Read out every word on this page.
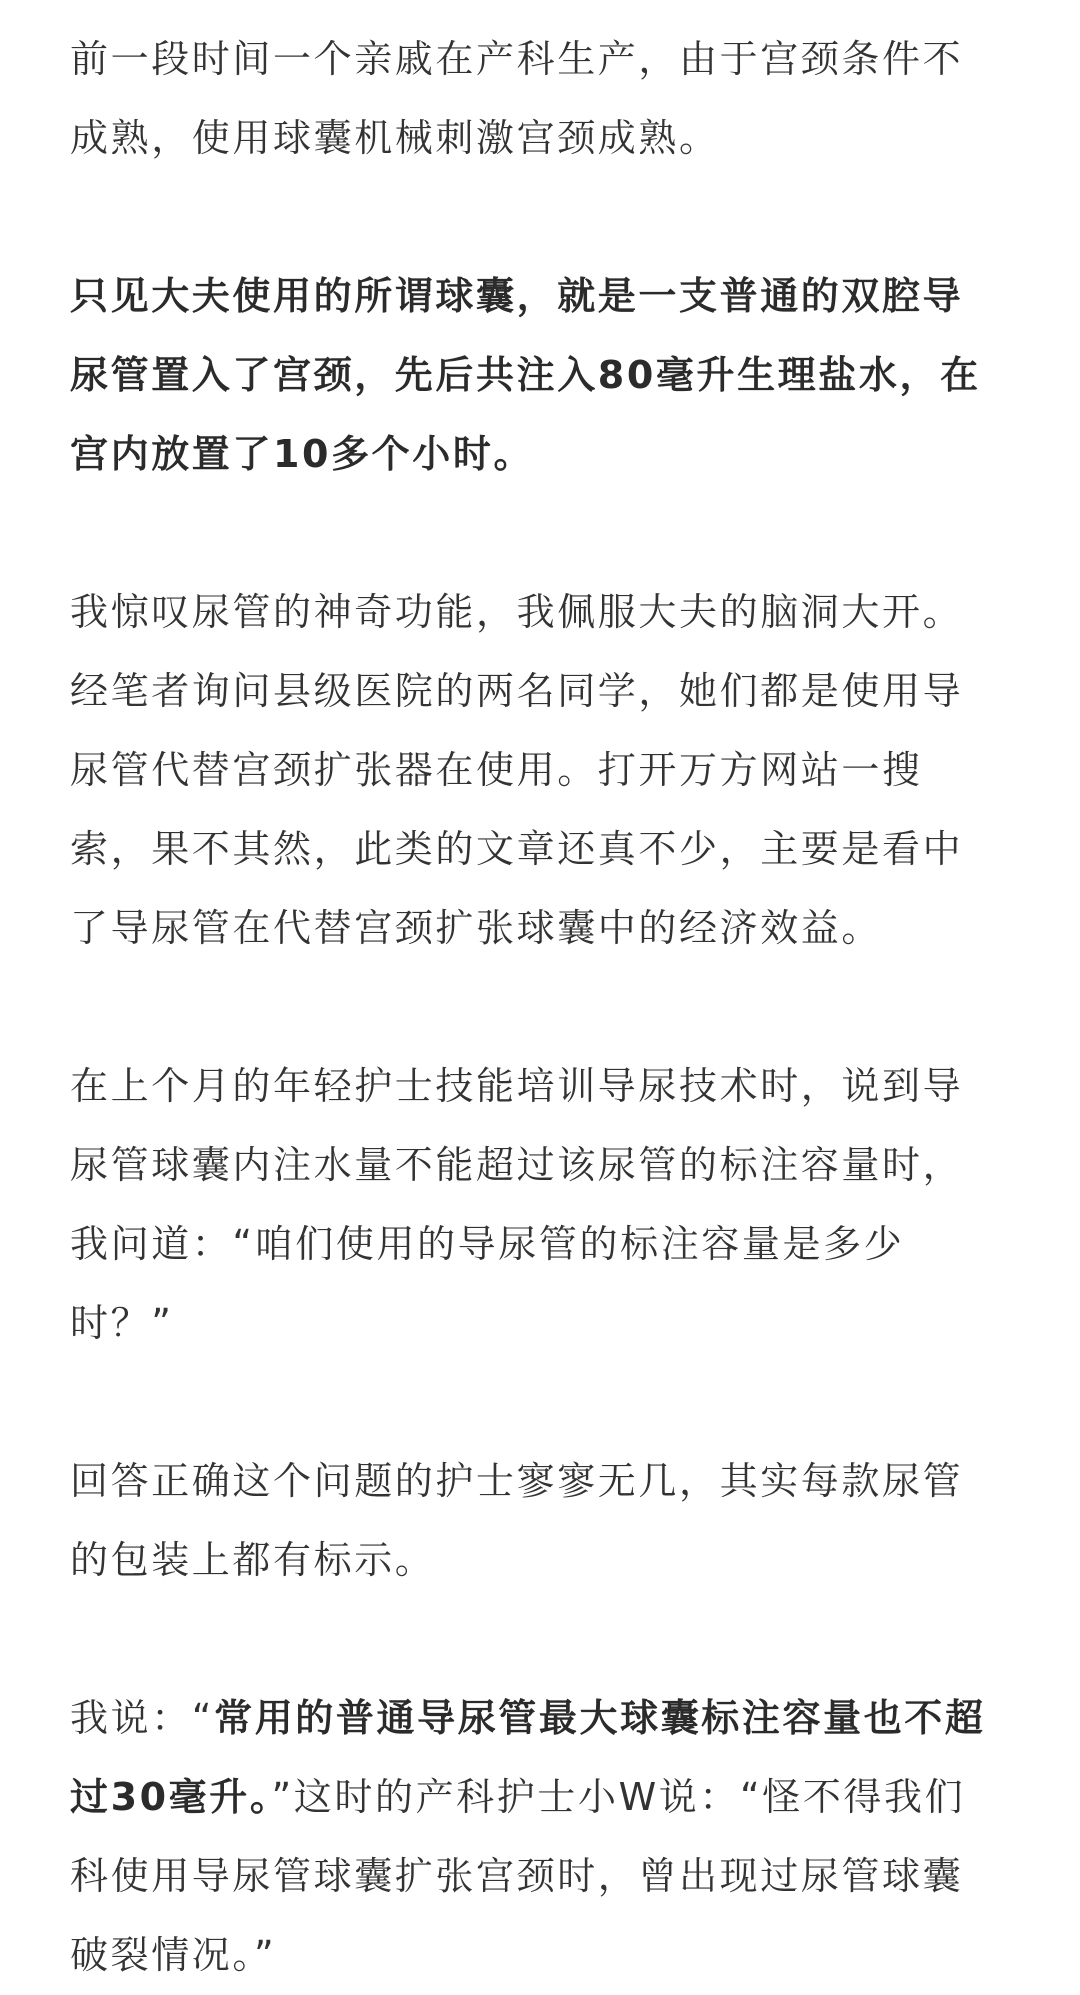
前一段时间一个亲戚在产科生产，由于宫颈条件不
成熟，使用球囊机械刺激宫颈成熟。
只见大夫使用的所谓球囊，就是一支普通的双腔导
尿管置入了宫颈，先后共注入80毫升生理盐水，在
宫内放置了10多个小时。
我惊叹尿管的神奇功能，我佩服大夫的脑洞大开。
经笔者询问县级医院的两名同学，她们都是使用导
尿管代替宫颈扩张器在使用。打开万方网站一搜
索，果不其然，此类的文章还真不少，主要是看中
了导尿管在代替宫颈扩张球囊中的经济效益。
在上个月的年轻护士技能培训导尿技术时，说到导
尿管球囊内注水量不能超过该尿管的标注容量时，
我问道：“咱们使用的导尿管的标注容量是多少
时？”
回答正确这个问题的护士寥寥无几，其实每款尿管
的包装上都有标示。
我说：“常用的普通导尿管最大球囊标注容量也不超
过30毫升。”这时的产科护士小W说：“怪不得我们
科使用导尿管球囊扩张宫颈时，曾出现过尿管球囊
破裂情况。”
